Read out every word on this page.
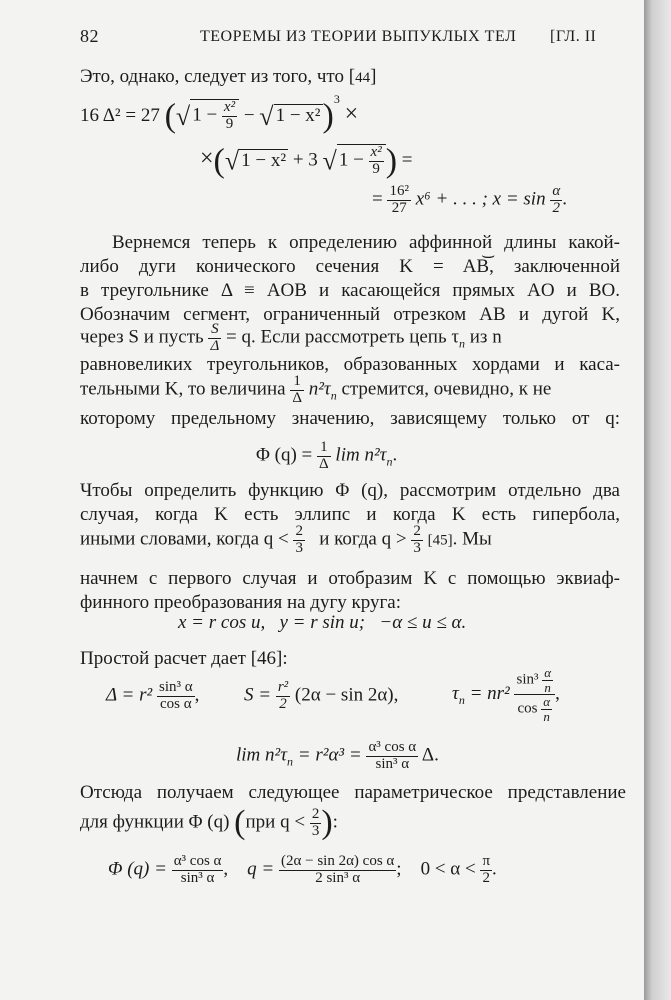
82	ТЕОРЕМЫ ИЗ ТЕОРИИ ВЫПУКЛЫХ ТЕЛ [ГЛ. II
Это, однако, следует из того, что [44]
16 Δ² = 27 (√ $1 - \frac{\text{x²}}{9}$ − √ 1 − x²)$^3$ ×
×(√ 1 − x² + 3 √ $1 - \frac{\text{x²}}{9}$ ) =
= $\frac{\text{16²}}{27} x^6$ + . . . ; $x = \sin \frac{\alpha}{2}$ .
Вернемся теперь к определению аффинной длины какой-
либо дуги конического сечения K = AB͝, заключенной
в треугольнике Δ ≡ AOB и касающейся прямых AO и BO.
Обозначим сегмент, ограниченный отрезком AB и дугой K,
через S и пусть $\frac{S}{\Delta} = q$. Если рассмотреть цепь $\tau_n$ из n
равновеликих треугольников, образованных хордами и каса-
тельными K, то величина $\frac{1}{\Delta} n^2\tau_n$ стремится, очевидно, к не
которому предельному значению, зависящему только от q:
Φ $(q) = \frac{1}{\Delta}$ $\lim n^2\tau_n$.
Чтобы определить функцию Φ (q), рассмотрим отдельно два
случая, когда K есть эллипс и когда K есть гипербола,
иными словами, когда $q < \frac{2}{3}$ и когда $q > \frac{2}{3} [45]$. Мы
начнем с первого случая и отобразим K с помощью эквиаф-
финного преобразования на дугу круга:
x = r cos u,   y = r sin u;   −α ≤ u ≤ α.
Простой расчет дает [46]:
$\Delta = r^2 \frac{\text{sin³ α}}{\text{cos α}}$ , $S = \frac{\text{r²}}{2} (2\alpha - \sin 2\alpha)$,	$\tau_n = nr^2 \frac{\sin^3 \frac{\alpha}{n}}{\cos \frac{\alpha}{n}}$ ,
$\lim n^2\tau_n = r^2\alpha^3 = \frac{\text{α³ cos α}}{\text{sin³ α}} \Delta$.
Отсюда получаем следующее параметрическое представление
для функции Φ (q) (при $q < \frac{2}{3}$ ):
Φ $(q) = \frac{\text{α³ cos α}}{\text{sin³ α}}$ , $q = \frac{\text{(2α − sin 2α) cos α}}{\text{2 sin³ α}}$ ; $0 < \alpha < \frac{\pi}{2}$ .
